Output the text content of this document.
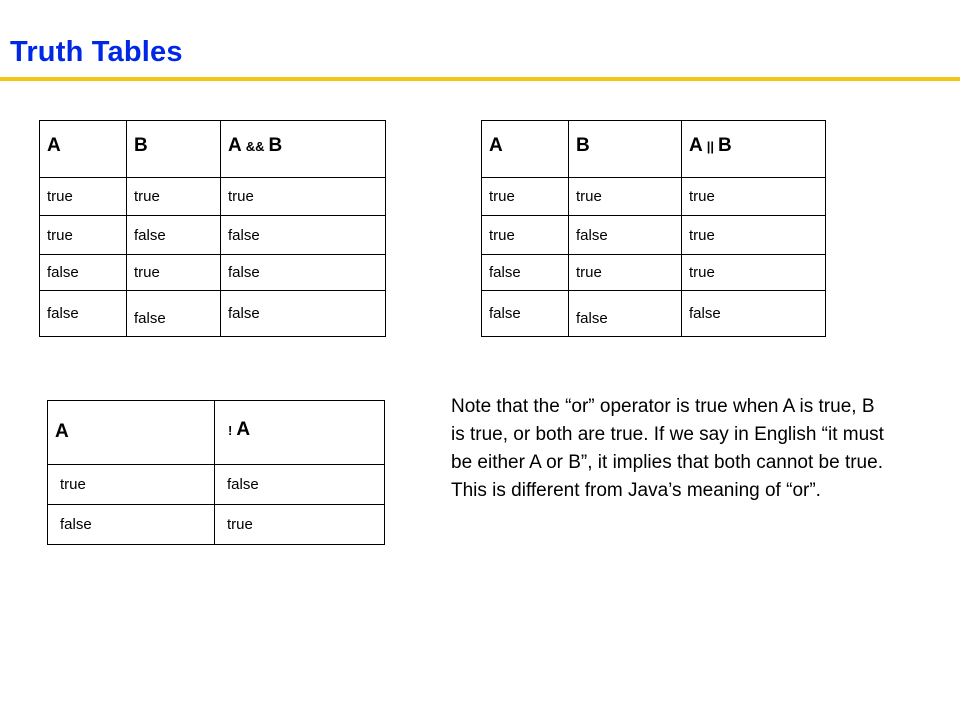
Truth Tables
A	B	A && B
true	true	true
true	false	false
false	true	false
false	false	false
A	B	A || B
true	true	true
true	false	true
false	true	true
false	false	false
A	! A
true	false
false	true
Note that the “or” operator is true when A is true, B is true, or both are true. If we say in English “it must be either A or B”, it implies that both cannot be true. This is different from Java’s meaning of “or”.
